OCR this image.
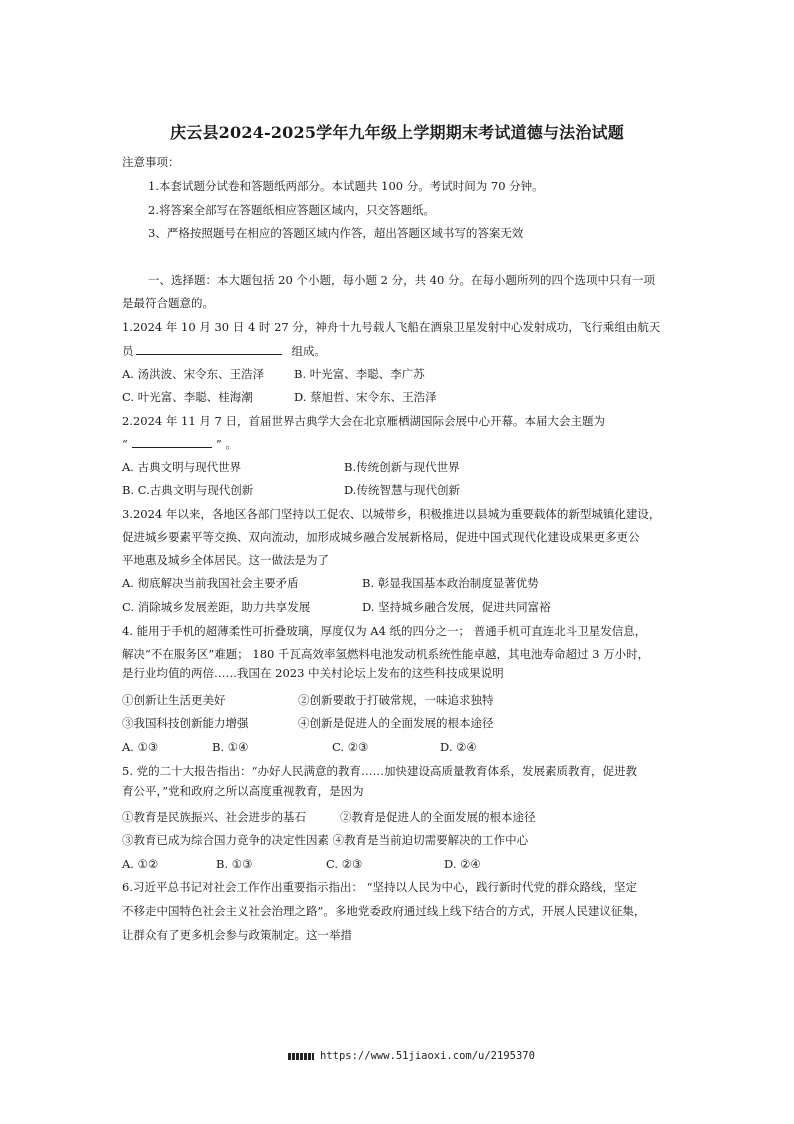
庆云县2024-2025学年九年级上学期期末考试道德与法治试题
注意事项：
1.本套试题分试卷和答题纸两部分。本试题共 100 分。考试时间为 70 分钟。
2.将答案全部写在答题纸相应答题区域内，只交答题纸。
3、严格按照题号在相应的答题区域内作答，超出答题区域书写的答案无效
一、选择题：本大题包括 20 个小题，每小题 2 分，共 40 分。在每小题所列的四个选项中只有一项
是最符合题意的。
1.2024 年 10 月 30 日 4 时 27 分，神舟十九号载人飞船在酒泉卫星发射中心发射成功，飞行乘组由航天
员	组成。
A. 汤洪波、宋令东、王浩泽	B. 叶光富、李聪、李广苏
C. 叶光富、李聪、桂海潮	D. 蔡旭哲、宋令东、王浩泽
2.2024 年 11 月 7 日，首届世界古典学大会在北京雁栖湖国际会展中心开幕。本届大会主题为
“	” 。
A. 古典文明与现代世界	B.传统创新与现代世界
B. C.古典文明与现代创新	D.传统智慧与现代创新
3.2024 年以来，各地区各部门坚持以工促农、以城带乡，积极推进以县城为重要载体的新型城镇化建设，
促进城乡要素平等交换、双向流动，加形成城乡融合发展新格局，促进中国式现代化建设成果更多更公
平地惠及城乡全体居民。这一做法是为了
A. 彻底解决当前我国社会主要矛盾	B. 彰显我国基本政治制度显著优势
C. 消除城乡发展差距，助力共享发展	D. 坚持城乡融合发展，促进共同富裕
4. 能用于手机的超薄柔性可折叠玻璃，厚度仅为 A4 纸的四分之一； 普通手机可直连北斗卫星发信息，
解决“不在服务区”难题； 180 千瓦高效率氢燃料电池发动机系统性能卓越，其电池寿命超过 3 万小时，
是行业均值的两倍……我国在 2023 中关村论坛上发布的这些科技成果说明
①创新让生活更美好	②创新要敢于打破常规，一味追求独特
③我国科技创新能力增强	④创新是促进人的全面发展的根本途径
A. ①③	B. ①④	C. ②③	D. ②④
5. 党的二十大报告指出：“办好人民满意的教育……加快建设高质量教育体系，发展素质教育，促进教
育公平，”党和政府之所以高度重视教育，是因为
①教育是民族振兴、社会进步的基石	②教育是促进人的全面发展的根本途径
③教育已成为综合国力竞争的决定性因素 ④教育是当前迫切需要解决的工作中心
A. ①②	B. ①③	C. ②③	D. ②④
6.习近平总书记对社会工作作出重要指示指出： “坚持以人民为中心，践行新时代党的群众路线，坚定
不移走中国特色社会主义社会治理之路”。多地党委政府通过线上线下结合的方式，开展人民建议征集，
让群众有了更多机会参与政策制定。这一举措
https://www.51jiaoxi.com/u/2195370
